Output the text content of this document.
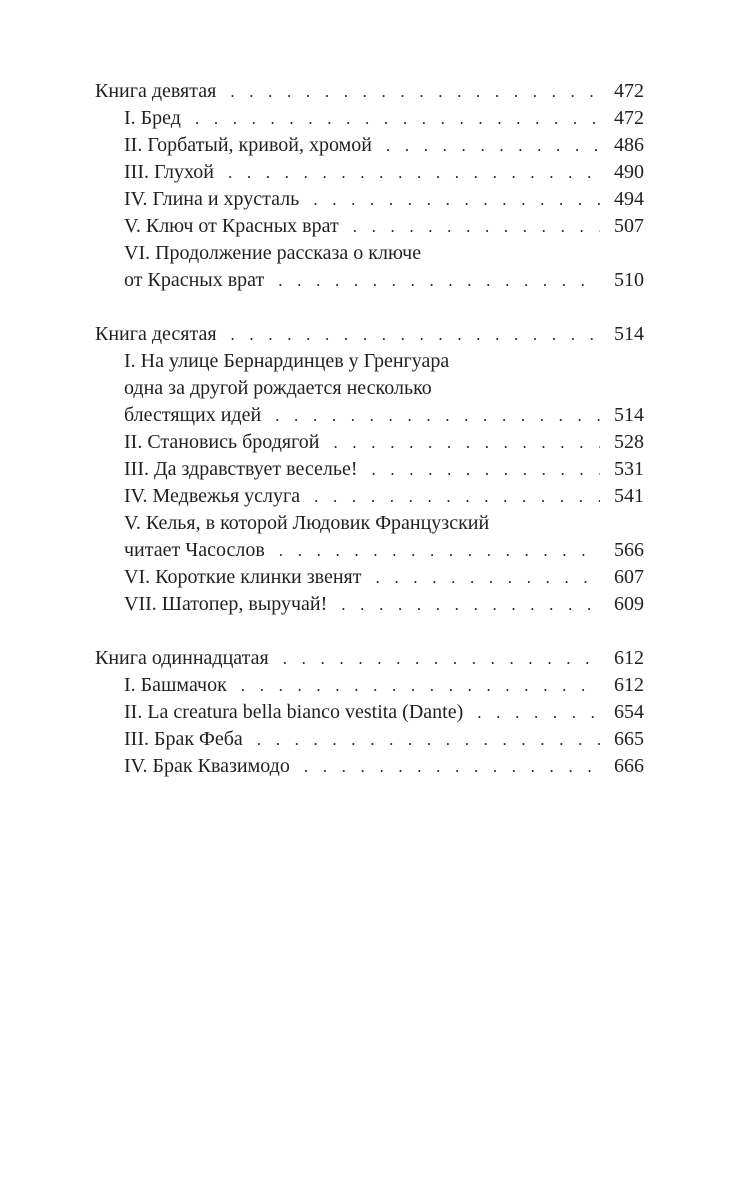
Книга девятая . . .	472
I. Бред . . .	472
II. Горбатый, кривой, хромой . . .	486
III. Глухой . . .	490
IV. Глина и хрусталь . . .	494
V. Ключ от Красных врат . . .	507
VI. Продолжение рассказа о ключе
от Красных врат . . .	510
Книга десятая . . .	514
I. На улице Бернардинцев у Гренгуара
одна за другой рождается несколько
блестящих идей . . .	514
II. Становись бродягой . . .	528
III. Да здравствует веселье! . . .	531
IV. Медвежья услуга . . .	541
V. Келья, в которой Людовик Французский
читает Часослов . . .	566
VI. Короткие клинки звенят . . .	607
VII. Шатопер, выручай! . . .	609
Книга одиннадцатая . . .	612
I. Башмачок . . .	612
II. La creatura bella bianco vestita (Dante) . . .	654
III. Брак Феба . . .	665
IV. Брак Квазимодо . . .	666
